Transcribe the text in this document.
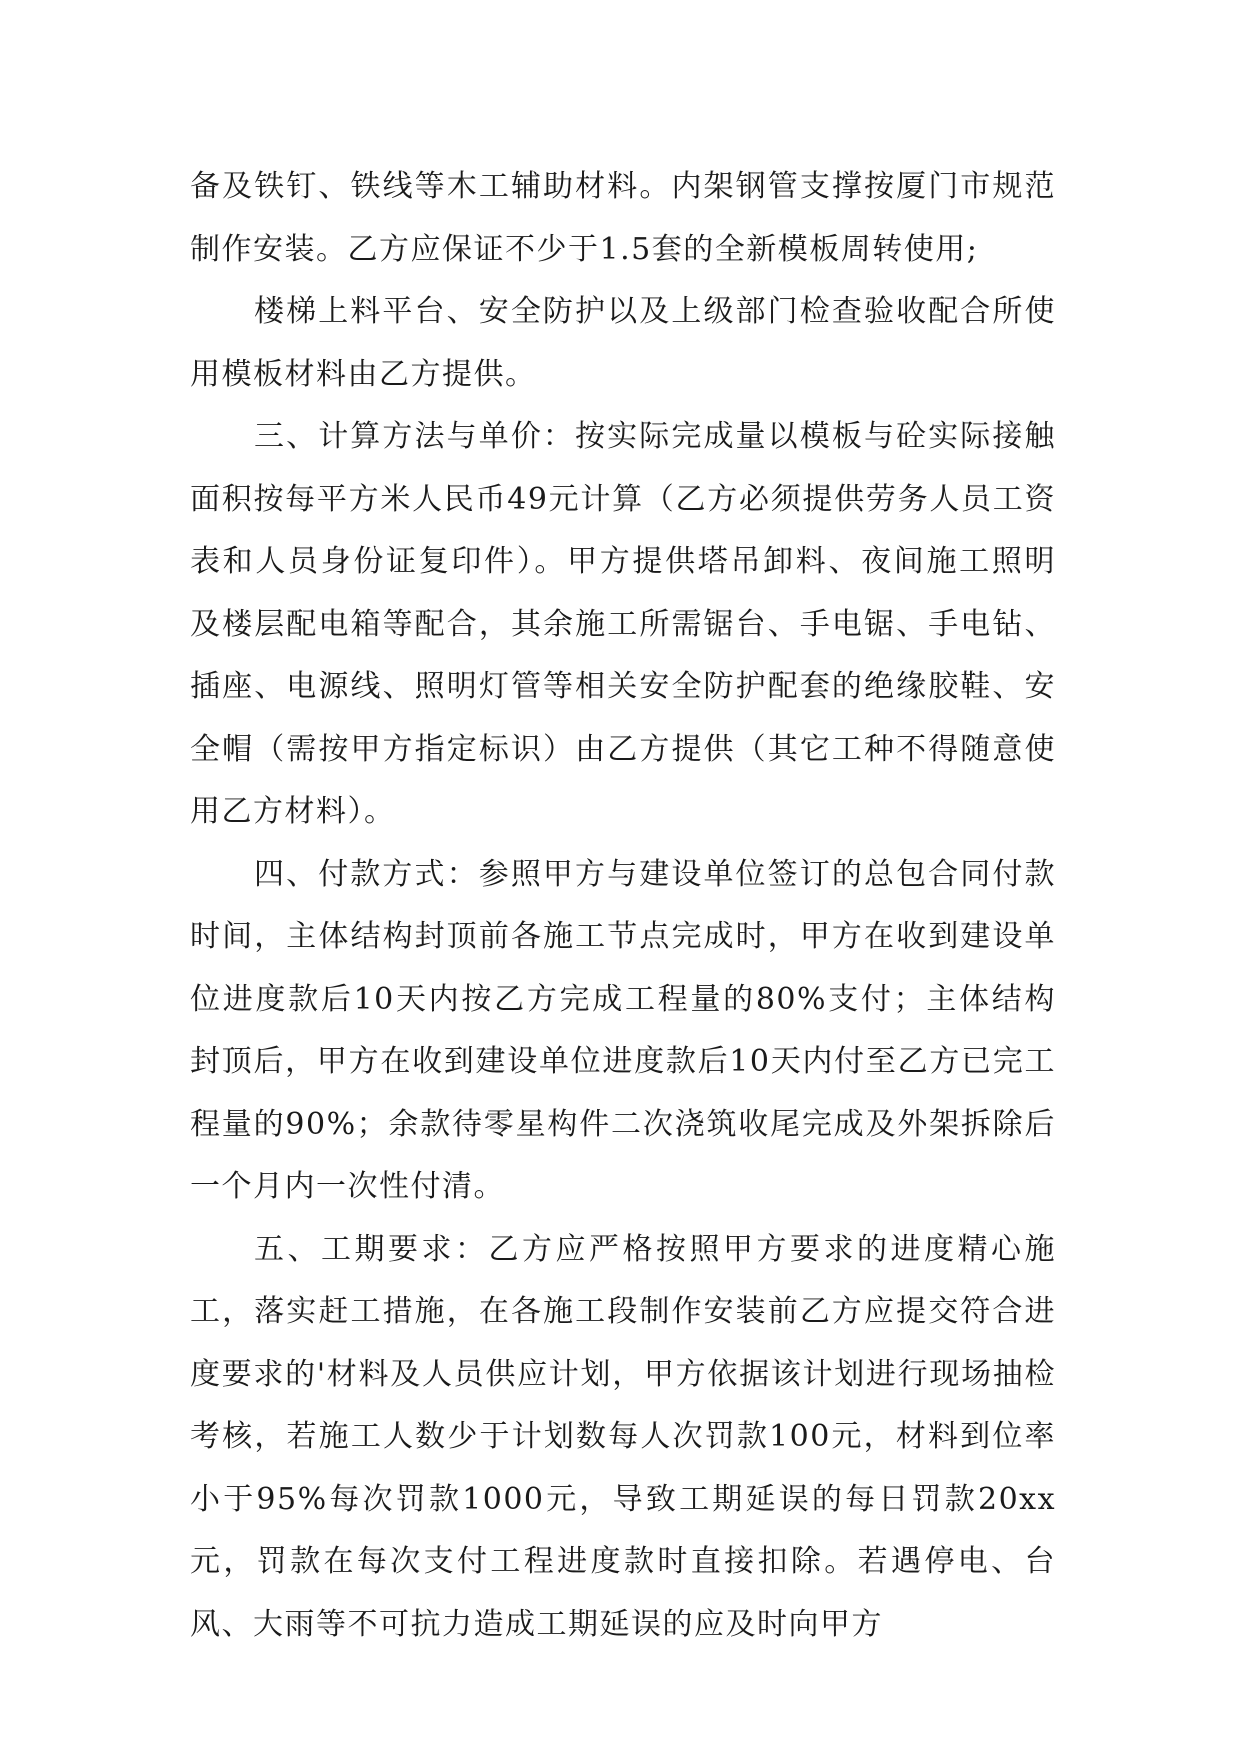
备及铁钉、铁线等木工辅助材料。内架钢管支撑按厦门市规范制作安装。乙方应保证不少于1.5套的全新模板周转使用;

楼梯上料平台、安全防护以及上级部门检查验收配合所使用模板材料由乙方提供。

三、计算方法与单价：按实际完成量以模板与砼实际接触面积按每平方米人民币49元计算（乙方必须提供劳务人员工资表和人员身份证复印件）。甲方提供塔吊卸料、夜间施工照明及楼层配电箱等配合，其余施工所需锯台、手电锯、手电钻、插座、电源线、照明灯管等相关安全防护配套的绝缘胶鞋、安全帽（需按甲方指定标识）由乙方提供（其它工种不得随意使用乙方材料）。

四、付款方式：参照甲方与建设单位签订的总包合同付款时间，主体结构封顶前各施工节点完成时，甲方在收到建设单位进度款后10天内按乙方完成工程量的80%支付；主体结构封顶后，甲方在收到建设单位进度款后10天内付至乙方已完工程量的90%；余款待零星构件二次浇筑收尾完成及外架拆除后一个月内一次性付清。

五、工期要求：乙方应严格按照甲方要求的进度精心施工，落实赶工措施，在各施工段制作安装前乙方应提交符合进度要求的'材料及人员供应计划，甲方依据该计划进行现场抽检考核，若施工人数少于计划数每人次罚款100元，材料到位率小于95%每次罚款1000元，导致工期延误的每日罚款20xx元，罚款在每次支付工程进度款时直接扣除。若遇停电、台风、大雨等不可抗力造成工期延误的应及时向甲方
